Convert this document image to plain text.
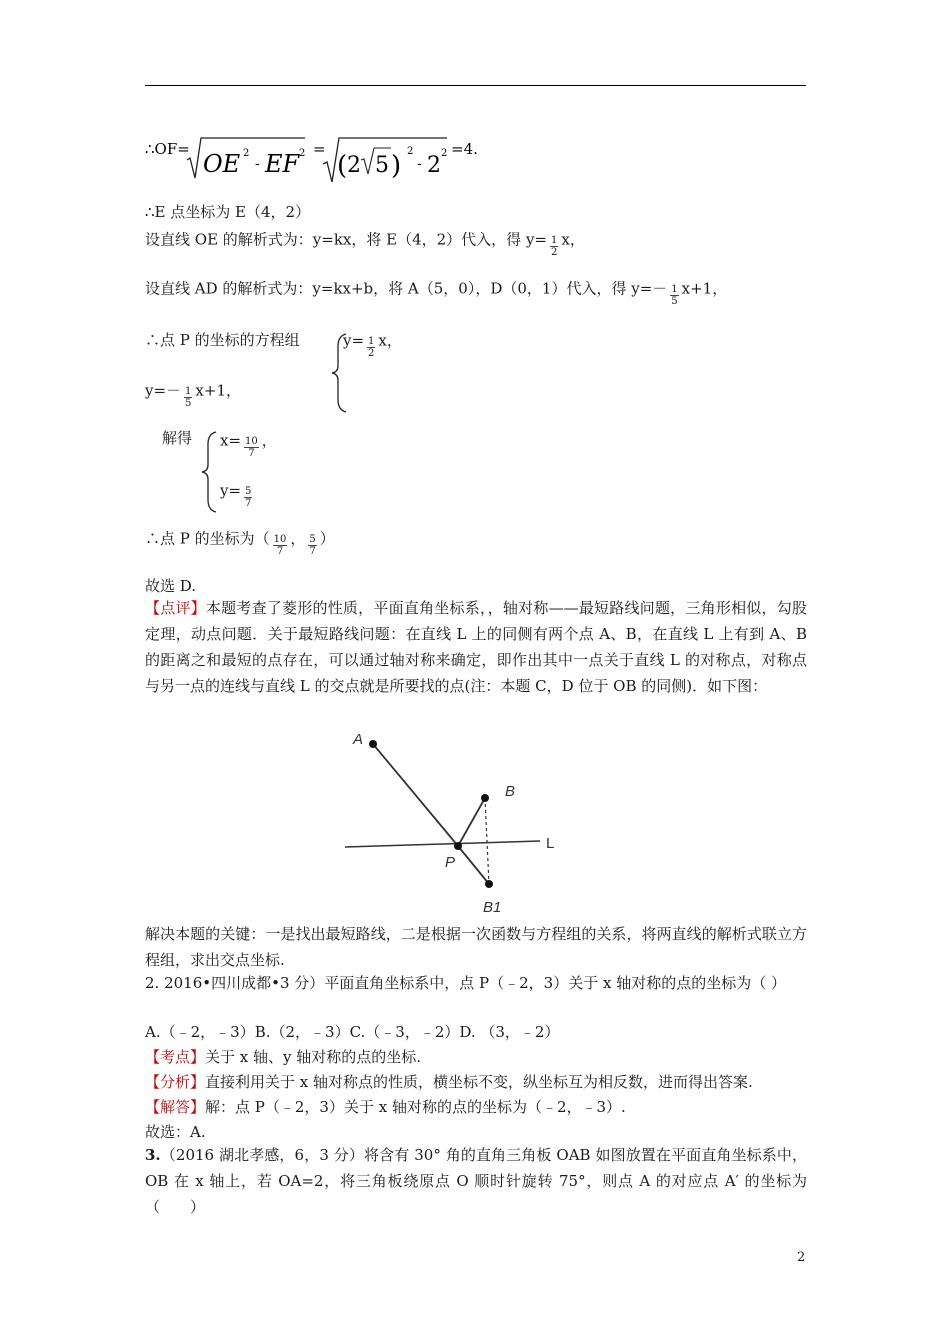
∴OF=
OE 2
- EF 2 =
( 2 5 ) 2
- 2 2 =4.
∴E 点坐标为 E（4，2）
设直线 OE 的解析式为：y=kx，将 E（4，2）代入，得 $y= \frac{1}{2}$ x，
设直线 AD 的解析式为：y=kx+b，将 A（5，0），D（0，1）代入，得 $y=- \frac{1}{5} x+1$，
∴点 P 的坐标的方程组	$y= \frac{1}{2}$ x，
$y=- \frac{1}{5} x+1$，
解得 $x= \frac{10}{7}$ ，
$y= \frac{5}{7}$
∴点 P 的坐标为（ $\frac{10}{7}$ ， $\frac{5}{7}$ ）
故选 D.
【点评】本题考查了菱形的性质，平面直角坐标系，，轴对称——最短路线问题，三角形相似，勾股定理，动点问题．关于最短路线问题：在直线 L 上的同侧有两个点 A、B，在直线 L 上有到 A、B 的距离之和最短的点存在，可以通过轴对称来确定，即作出其中一点关于直线 L 的对称点，对称点与另一点的连线与直线 L 的交点就是所要找的点(注：本题 C，D 位于 OB 的同侧)．如下图：
A
B
P
L
B1
解决本题的关键：一是找出最短路线，二是根据一次函数与方程组的关系，将两直线的解析式联立方程组，求出交点坐标.
2. 2016•四川成都•3 分）平面直角坐标系中，点 P（﹣2，3）关于 x 轴对称的点的坐标为（ ）
A.（﹣2，﹣3）B.（2，﹣3）C.（﹣3，﹣2）D. （3，﹣2）
【考点】关于 x 轴、y 轴对称的点的坐标.
【分析】直接利用关于 x 轴对称点的性质，横坐标不变，纵坐标互为相反数，进而得出答案.
【解答】解：点 P（﹣2，3）关于 x 轴对称的点的坐标为（﹣2，﹣3）.
故选：A.
3.（2016 湖北孝感，6，3 分）将含有 30° 角的直角三角板 OAB 如图放置在平面直角坐标系中，OB 在 x 轴上，若 OA=2，将三角板绕原点 O 顺时针旋转 75°，则点 A 的对应点 A′ 的坐标为（　　）
2
